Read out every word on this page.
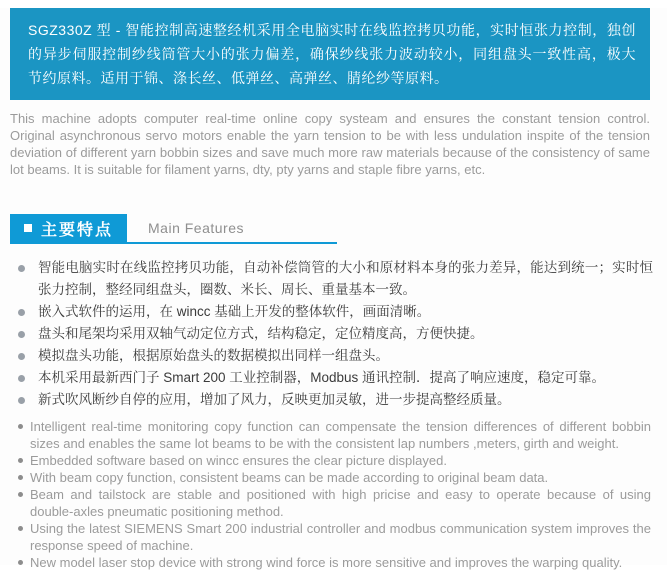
SGZ330Z 型 - 智能控制高速整经机采用全电脑实时在线监控拷贝功能，实时恒张力控制，独创的异步伺服控制纱线筒管大小的张力偏差，确保纱线张力波动较小，同组盘头一致性高，极大节约原料。适用于锦、涤长丝、低弹丝、高弹丝、腈纶纱等原料。

This machine adopts computer real-time online copy systeam and ensures the constant tension control. Original asynchronous servo motors enable the yarn tension to be with less undulation inspite of the tension deviation of different yarn bobbin sizes and save much more raw materials because of the consistency of same lot beams. It is suitable for filament yarns, dty, pty yarns and staple fibre yarns, etc.

主要特点	Main Features
智能电脑实时在线监控拷贝功能，自动补偿筒管的大小和原材料本身的张力差异，能达到统一；实时恒张力控制，整经同组盘头，圈数、米长、周长、重量基本一致。
嵌入式软件的运用，在 wincc 基础上开发的整体软件，画面清晰。
盘头和尾架均采用双轴气动定位方式，结构稳定，定位精度高，方便快捷。
模拟盘头功能，根据原始盘头的数据模拟出同样一组盘头。
本机采用最新西门子 Smart 200 工业控制器，Modbus 通讯控制．提高了响应速度，稳定可靠。
新式吹风断纱自停的应用，增加了风力，反映更加灵敏，进一步提高整经质量。
Intelligent real-time monitoring copy function can compensate the tension differences of different bobbin sizes and enables the same lot beams to be with the consistent lap numbers ,meters, girth and weight.
Embedded software based on wincc ensures the clear picture displayed.
With beam copy function, consistent beams can be made according to original beam data.
Beam and tailstock are stable and positioned with high pricise and easy to operate because of using double-axles pneumatic positioning method.
Using the latest SIEMENS Smart 200 industrial controller and modbus communication system improves the response speed of machine.
New model laser stop device with strong wind force is more sensitive and improves the warping quality.
